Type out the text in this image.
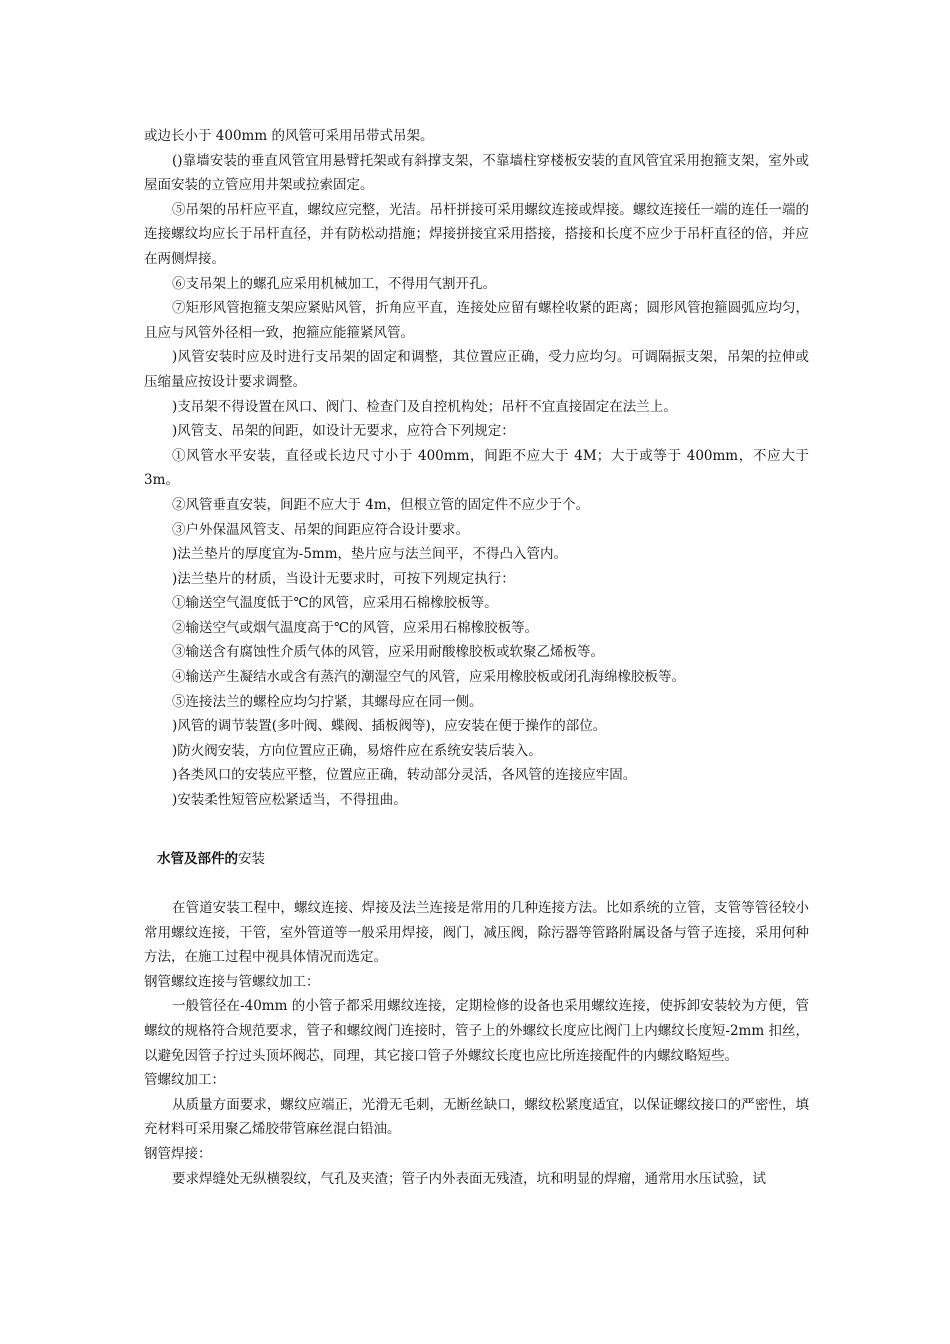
或边长小于 400mm 的风管可采用吊带式吊架。

()靠墙安装的垂直风管宜用悬臂托架或有斜撑支架，不靠墙柱穿楼板安装的直风管宜采用抱箍支架，室外或屋面安装的立管应用井架或拉索固定。

⑤吊架的吊杆应平直，螺纹应完整，光洁。吊杆拼接可采用螺纹连接或焊接。螺纹连接任一端的连任一端的连接螺纹均应长于吊杆直径，并有防松动措施；焊接拼接宜采用搭接，搭接和长度不应少于吊杆直径的倍，并应在两侧焊接。

⑥支吊架上的螺孔应采用机械加工，不得用气割开孔。

⑦矩形风管抱箍支架应紧贴风管，折角应平直，连接处应留有螺栓收紧的距离；圆形风管抱箍圆弧应均匀，且应与风管外径相一致，抱箍应能箍紧风管。

)风管安装时应及时进行支吊架的固定和调整，其位置应正确，受力应均匀。可调隔振支架，吊架的拉伸或压缩量应按设计要求调整。

)支吊架不得设置在风口、阀门、检查门及自控机构处；吊杆不宜直接固定在法兰上。

)风管支、吊架的间距，如设计无要求，应符合下列规定：

①风管水平安装，直径或长边尺寸小于 400mm，间距不应大于 4M；大于或等于 400mm，不应大于3m。

②风管垂直安装，间距不应大于 4m，但根立管的固定件不应少于个。

③户外保温风管支、吊架的间距应符合设计要求。

)法兰垫片的厚度宜为-5mm，垫片应与法兰间平，不得凸入管内。

)法兰垫片的材质，当设计无要求时，可按下列规定执行：

①输送空气温度低于℃的风管，应采用石棉橡胶板等。

②输送空气或烟气温度高于℃的风管，应采用石棉橡胶板等。

③输送含有腐蚀性介质气体的风管，应采用耐酸橡胶板或软聚乙烯板等。

④输送产生凝结水或含有蒸汽的潮湿空气的风管，应采用橡胶板或闭孔海绵橡胶板等。

⑤连接法兰的螺栓应均匀拧紧，其螺母应在同一侧。

)风管的调节装置(多叶阀、蝶阀、插板阀等)，应安装在便于操作的部位。

)防火阀安装，方向位置应正确，易熔件应在系统安装后装入。

)各类风口的安装应平整，位置应正确，转动部分灵活，各风管的连接应牢固。

)安装柔性短管应松紧适当，不得扭曲。

水管及部件的安装

在管道安装工程中，螺纹连接、焊接及法兰连接是常用的几种连接方法。比如系统的立管，支管等管径较小常用螺纹连接，干管，室外管道等一般采用焊接，阀门，减压阀，除污器等管路附属设备与管子连接，采用何种方法，在施工过程中视具体情况而选定。

钢管螺纹连接与管螺纹加工：

一般管径在-40mm 的小管子都采用螺纹连接，定期检修的设备也采用螺纹连接，使拆卸安装较为方便，管螺纹的规格符合规范要求，管子和螺纹阀门连接时，管子上的外螺纹长度应比阀门上内螺纹长度短-2mm 扣丝，以避免因管子拧过头顶坏阀芯，同理，其它接口管子外螺纹长度也应比所连接配件的内螺纹略短些。

管螺纹加工：

从质量方面要求，螺纹应端正，光滑无毛刺，无断丝缺口，螺纹松紧度适宜，以保证螺纹接口的严密性，填充材料可采用聚乙烯胶带管麻丝混白铅油。

钢管焊接：

要求焊缝处无纵横裂纹，气孔及夹渣；管子内外表面无残渣，坑和明显的焊瘤，通常用水压试验，试
